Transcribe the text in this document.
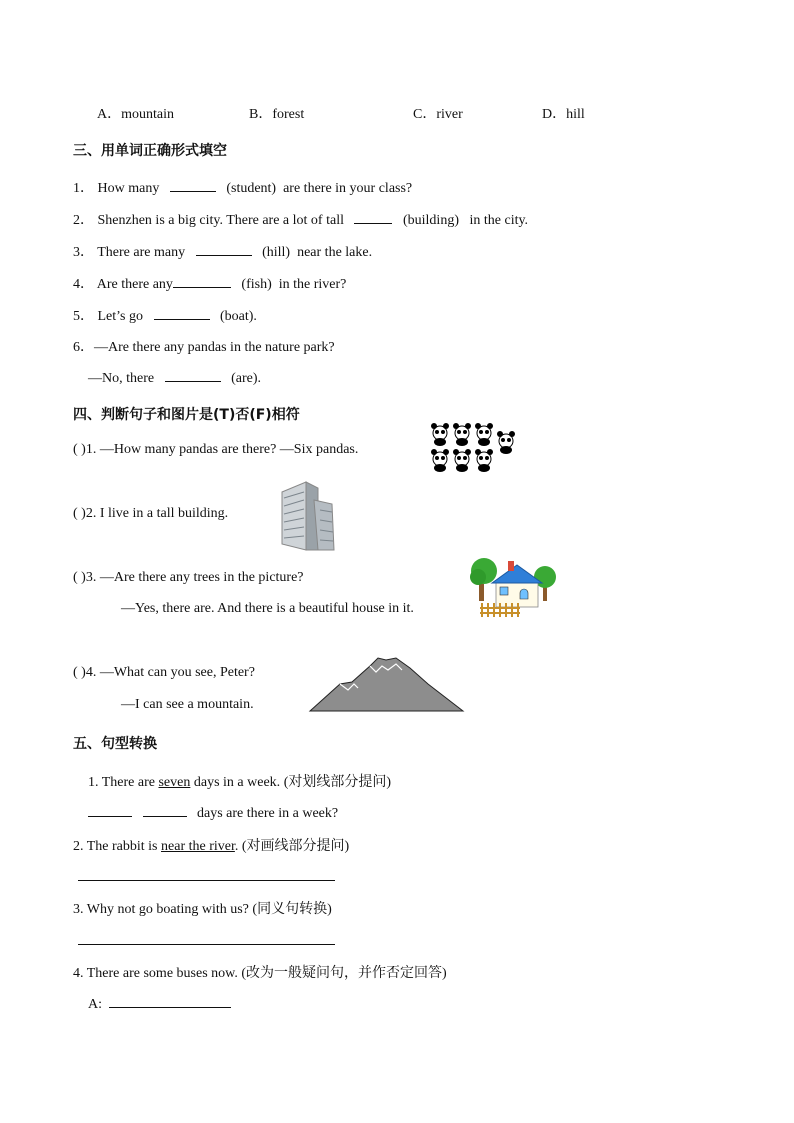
A．mountain	B．forest	C．river	D．hill
三、用单词正确形式填空
1． How many	(student) are there in your class?
2． Shenzhen is a big city. There are a lot of tall	(building) in the city.
3． There are many	(hill) near the lake.
4． Are there any	(fish) in the river?
5． Let’s go	(boat).
6．—Are there any pandas in the nature park?
—No, there	(are).
四、判断句子和图片是(T)否(F)相符
( )1. —How many pandas are there? —Six pandas.
( )2. I live in a tall building.
( )3. —Are there any trees in the picture?
—Yes, there are. And there is a beautiful house in it.
( )4. —What can you see, Peter?
—I can see a mountain.
五、句型转换
1. There are seven days in a week. (对划线部分提问)
days are there in a week?
2. The rabbit is near the river. (对画线部分提问)
3. Why not go boating with us? (同义句转换)
4. There are some buses now. (改为一般疑问句，并作否定回答)
A:
